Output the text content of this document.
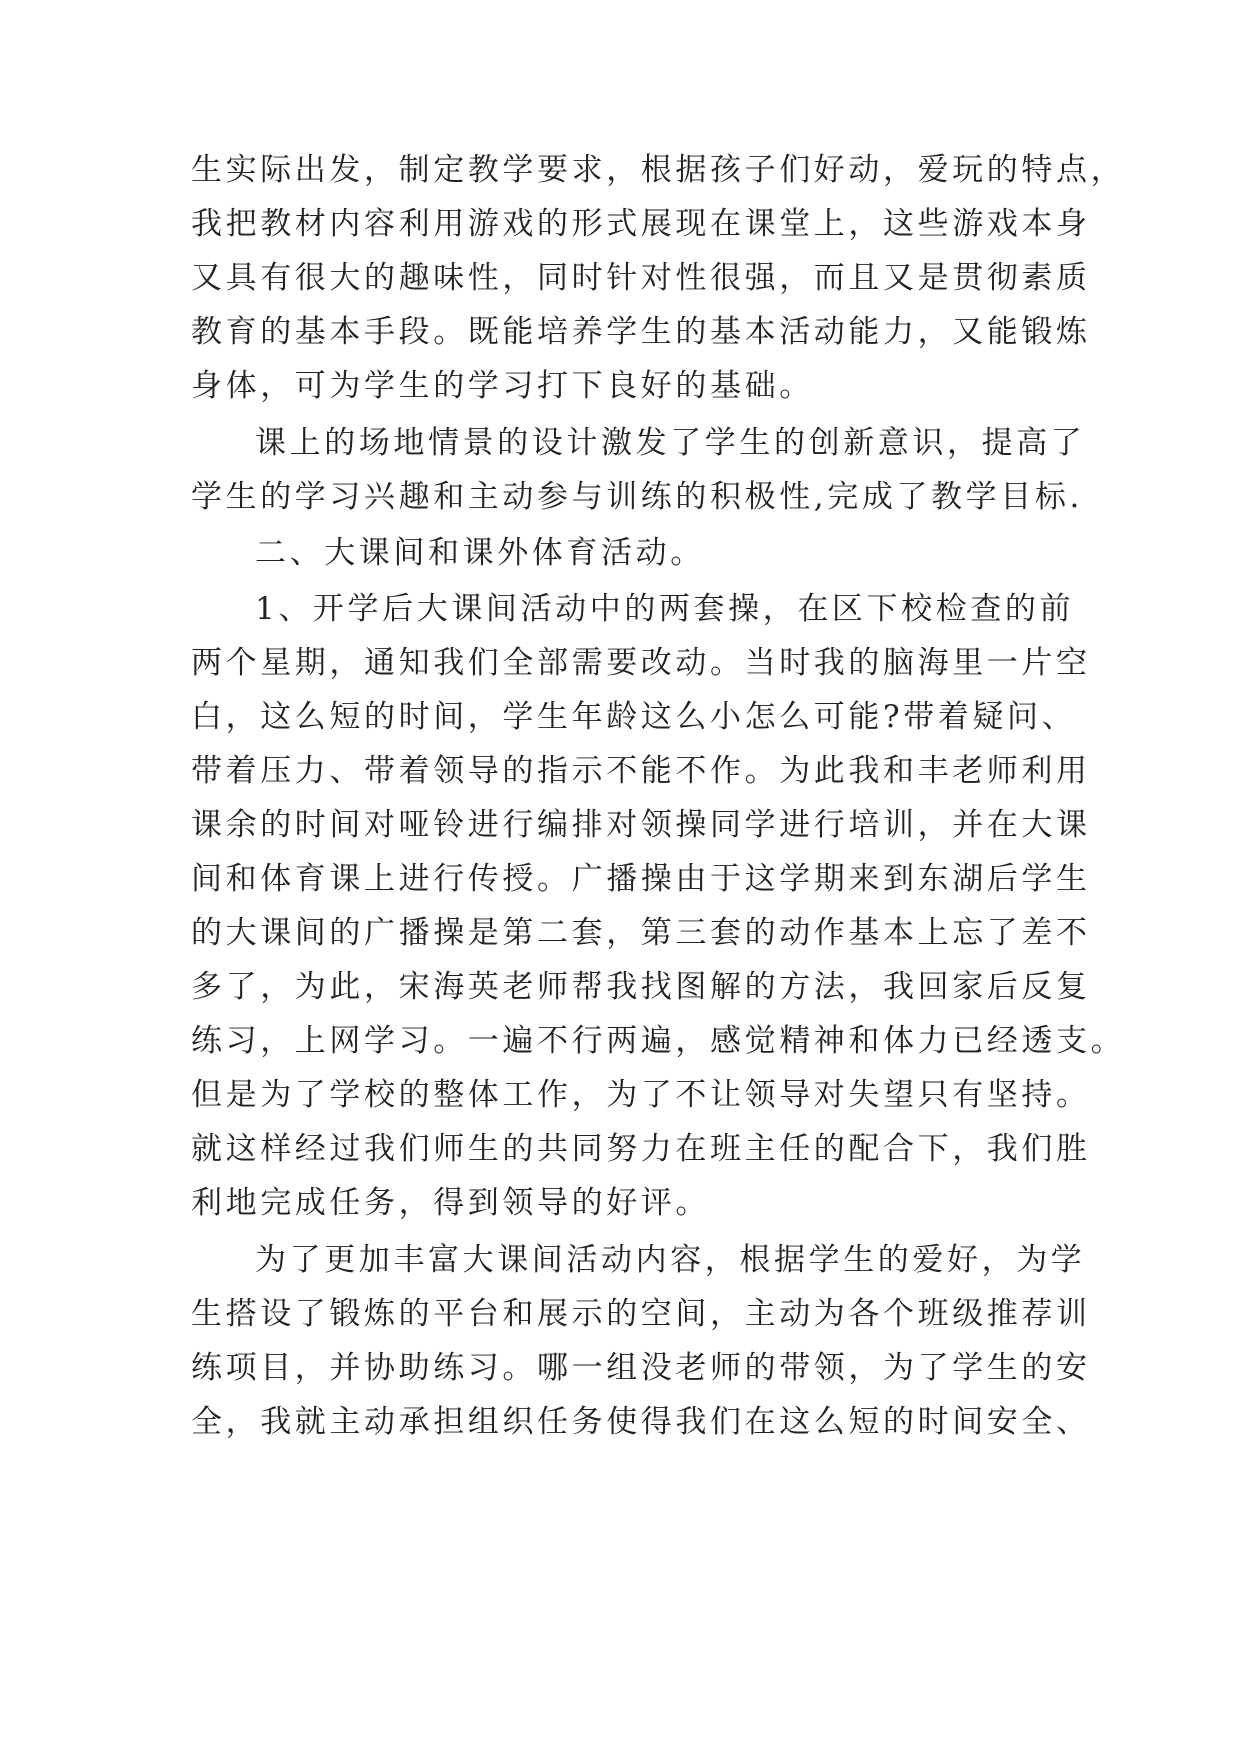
生实际出发，制定教学要求，根据孩子们好动，爱玩的特点，
我把教材内容利用游戏的形式展现在课堂上，这些游戏本身
又具有很大的趣味性，同时针对性很强，而且又是贯彻素质
教育的基本手段。既能培养学生的基本活动能力，又能锻炼
身体，可为学生的学习打下良好的基础。
课上的场地情景的设计激发了学生的创新意识，提高了
学生的学习兴趣和主动参与训练的积极性,完成了教学目标.
二、大课间和课外体育活动。
1、开学后大课间活动中的两套操，在区下校检查的前
两个星期，通知我们全部需要改动。当时我的脑海里一片空
白，这么短的时间，学生年龄这么小怎么可能?带着疑问、
带着压力、带着领导的指示不能不作。为此我和丰老师利用
课余的时间对哑铃进行编排对领操同学进行培训，并在大课
间和体育课上进行传授。广播操由于这学期来到东湖后学生
的大课间的广播操是第二套，第三套的动作基本上忘了差不
多了，为此，宋海英老师帮我找图解的方法，我回家后反复
练习，上网学习。一遍不行两遍，感觉精神和体力已经透支。
但是为了学校的整体工作，为了不让领导对失望只有坚持。
就这样经过我们师生的共同努力在班主任的配合下，我们胜
利地完成任务，得到领导的好评。
为了更加丰富大课间活动内容，根据学生的爱好，为学
生搭设了锻炼的平台和展示的空间，主动为各个班级推荐训
练项目，并协助练习。哪一组没老师的带领，为了学生的安
全，我就主动承担组织任务使得我们在这么短的时间安全、
